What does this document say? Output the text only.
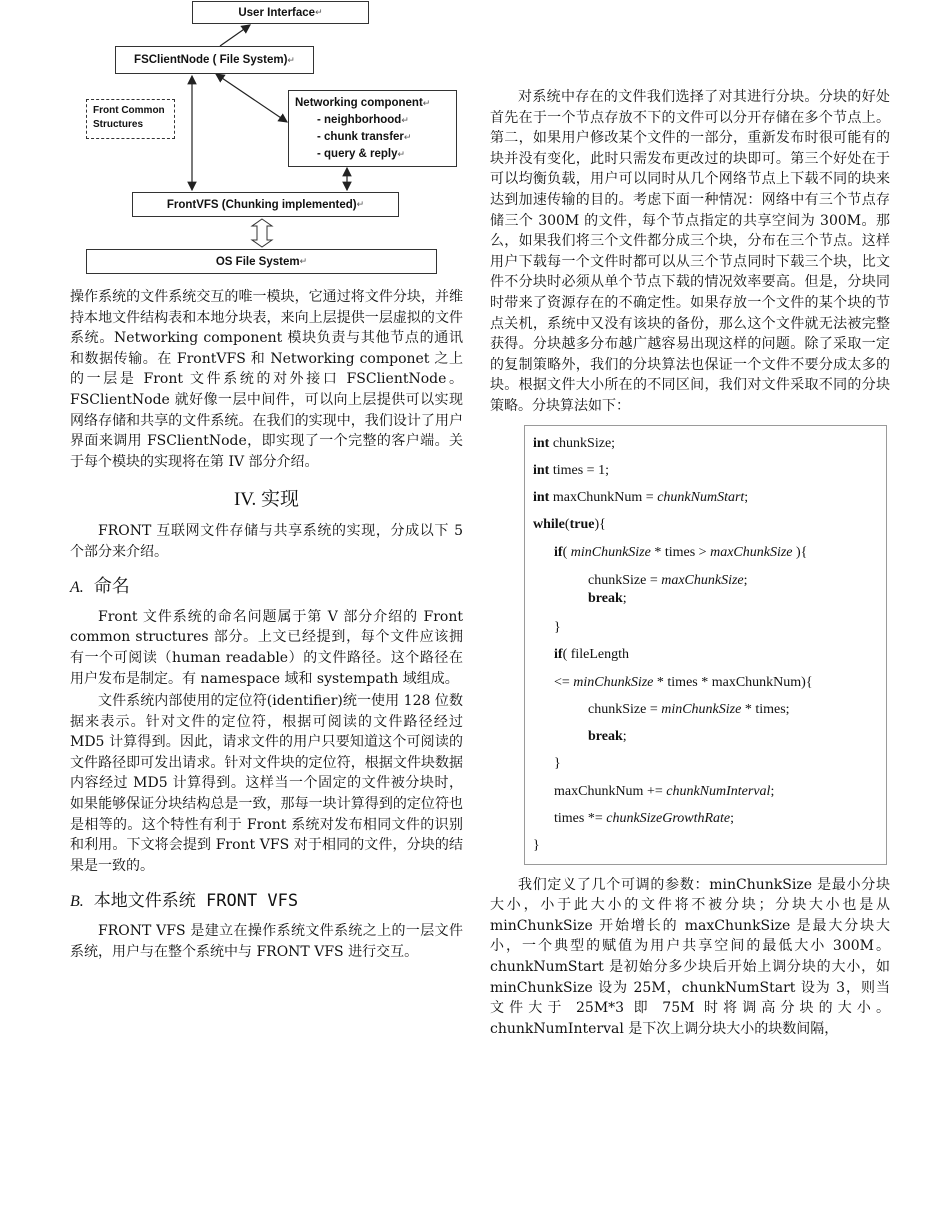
User Interface ↵
FSClientNode ( File System) ↵
Front Common
Structures
Networking component↵
- neighborhood↵
- chunk transfer↵
- query & reply↵
FrontVFS (Chunking implemented) ↵
OS File System ↵

操作系统的文件系统交互的唯一模块，它通过将文件分块，并维持本地文件结构表和本地分块表，来向上层提供一层虚拟的文件系统。Networking component 模块负责与其他节点的通讯和数据传输。在 FrontVFS 和 Networking componet 之上的一层是 Front 文件系统的对外接口 FSClientNode。FSClientNode 就好像一层中间件，可以向上层提供可以实现网络存储和共享的文件系统。在我们的实现中，我们设计了用户界面来调用 FSClientNode，即实现了一个完整的客户端。关于每个模块的实现将在第 IV 部分介绍。

IV. 实现

FRONT 互联网文件存储与共享系统的实现，分成以下 5 个部分来介绍。

A. 命名

Front 文件系统的命名问题属于第 V 部分介绍的 Front common structures 部分。上文已经提到，每个文件应该拥有一个可阅读（human readable）的文件路径。这个路径在用户发布是制定。有 namespace 域和 systempath 域组成。

文件系统内部使用的定位符(identifier)统一使用 128 位数据来表示。针对文件的定位符，根据可阅读的文件路径经过 MD5 计算得到。因此，请求文件的用户只要知道这个可阅读的文件路径即可发出请求。针对文件块的定位符，根据文件块数据内容经过 MD5 计算得到。这样当一个固定的文件被分块时，如果能够保证分块结构总是一致，那每一块计算得到的定位符也是相等的。这个特性有利于 Front 系统对发布相同文件的识别和利用。下文将会提到 Front VFS 对于相同的文件，分块的结果是一致的。

B. 本地文件系统 FRONT VFS

FRONT VFS 是建立在操作系统文件系统之上的一层文件系统，用户与在整个系统中与 FRONT VFS 进行交互。

对系统中存在的文件我们选择了对其进行分块。分块的好处首先在于一个节点存放不下的文件可以分开存储在多个节点上。第二，如果用户修改某个文件的一部分，重新发布时很可能有的块并没有变化，此时只需发布更改过的块即可。第三个好处在于可以均衡负载，用户可以同时从几个网络节点上下载不同的块来达到加速传输的目的。考虑下面一种情况：网络中有三个节点存储三个 300M 的文件，每个节点指定的共享空间为 300M。那么，如果我们将三个文件都分成三个块，分布在三个节点。这样用户下载每一个文件时都可以从三个节点同时下载三个块，比文件不分块时必须从单个节点下载的情况效率要高。但是，分块同时带来了资源存在的不确定性。如果存放一个文件的某个块的节点关机，系统中又没有该块的备份，那么这个文件就无法被完整获得。分块越多分布越广越容易出现这样的问题。除了采取一定的复制策略外，我们的分块算法也保证一个文件不要分成太多的块。根据文件大小所在的不同区间，我们对文件采取不同的分块策略。分块算法如下：

int chunkSize;
int times = 1;
int maxChunkNum = chunkNumStart;
while(true){
if( minChunkSize * times > maxChunkSize ){
chunkSize = maxChunkSize;
break;
}
if( fileLength
<= minChunkSize * times * maxChunkNum){
chunkSize = minChunkSize * times;
break;
}
maxChunkNum += chunkNumInterval;
times *= chunkSizeGrowthRate;
}

我们定义了几个可调的参数：minChunkSize 是最小分块大小，小于此大小的文件将不被分块；分块大小也是从 minChunkSize 开始增长的 maxChunkSize 是最大分块大小，一个典型的赋值为用户共享空间的最低大小 300M。chunkNumStart 是初始分多少块后开始上调分块的大小，如 minChunkSize 设为 25M，chunkNumStart 设为 3，则当文件大于 25M*3 即 75M 时将调高分块的大小。chunkNumInterval 是下次上调分块大小的块数间隔，
